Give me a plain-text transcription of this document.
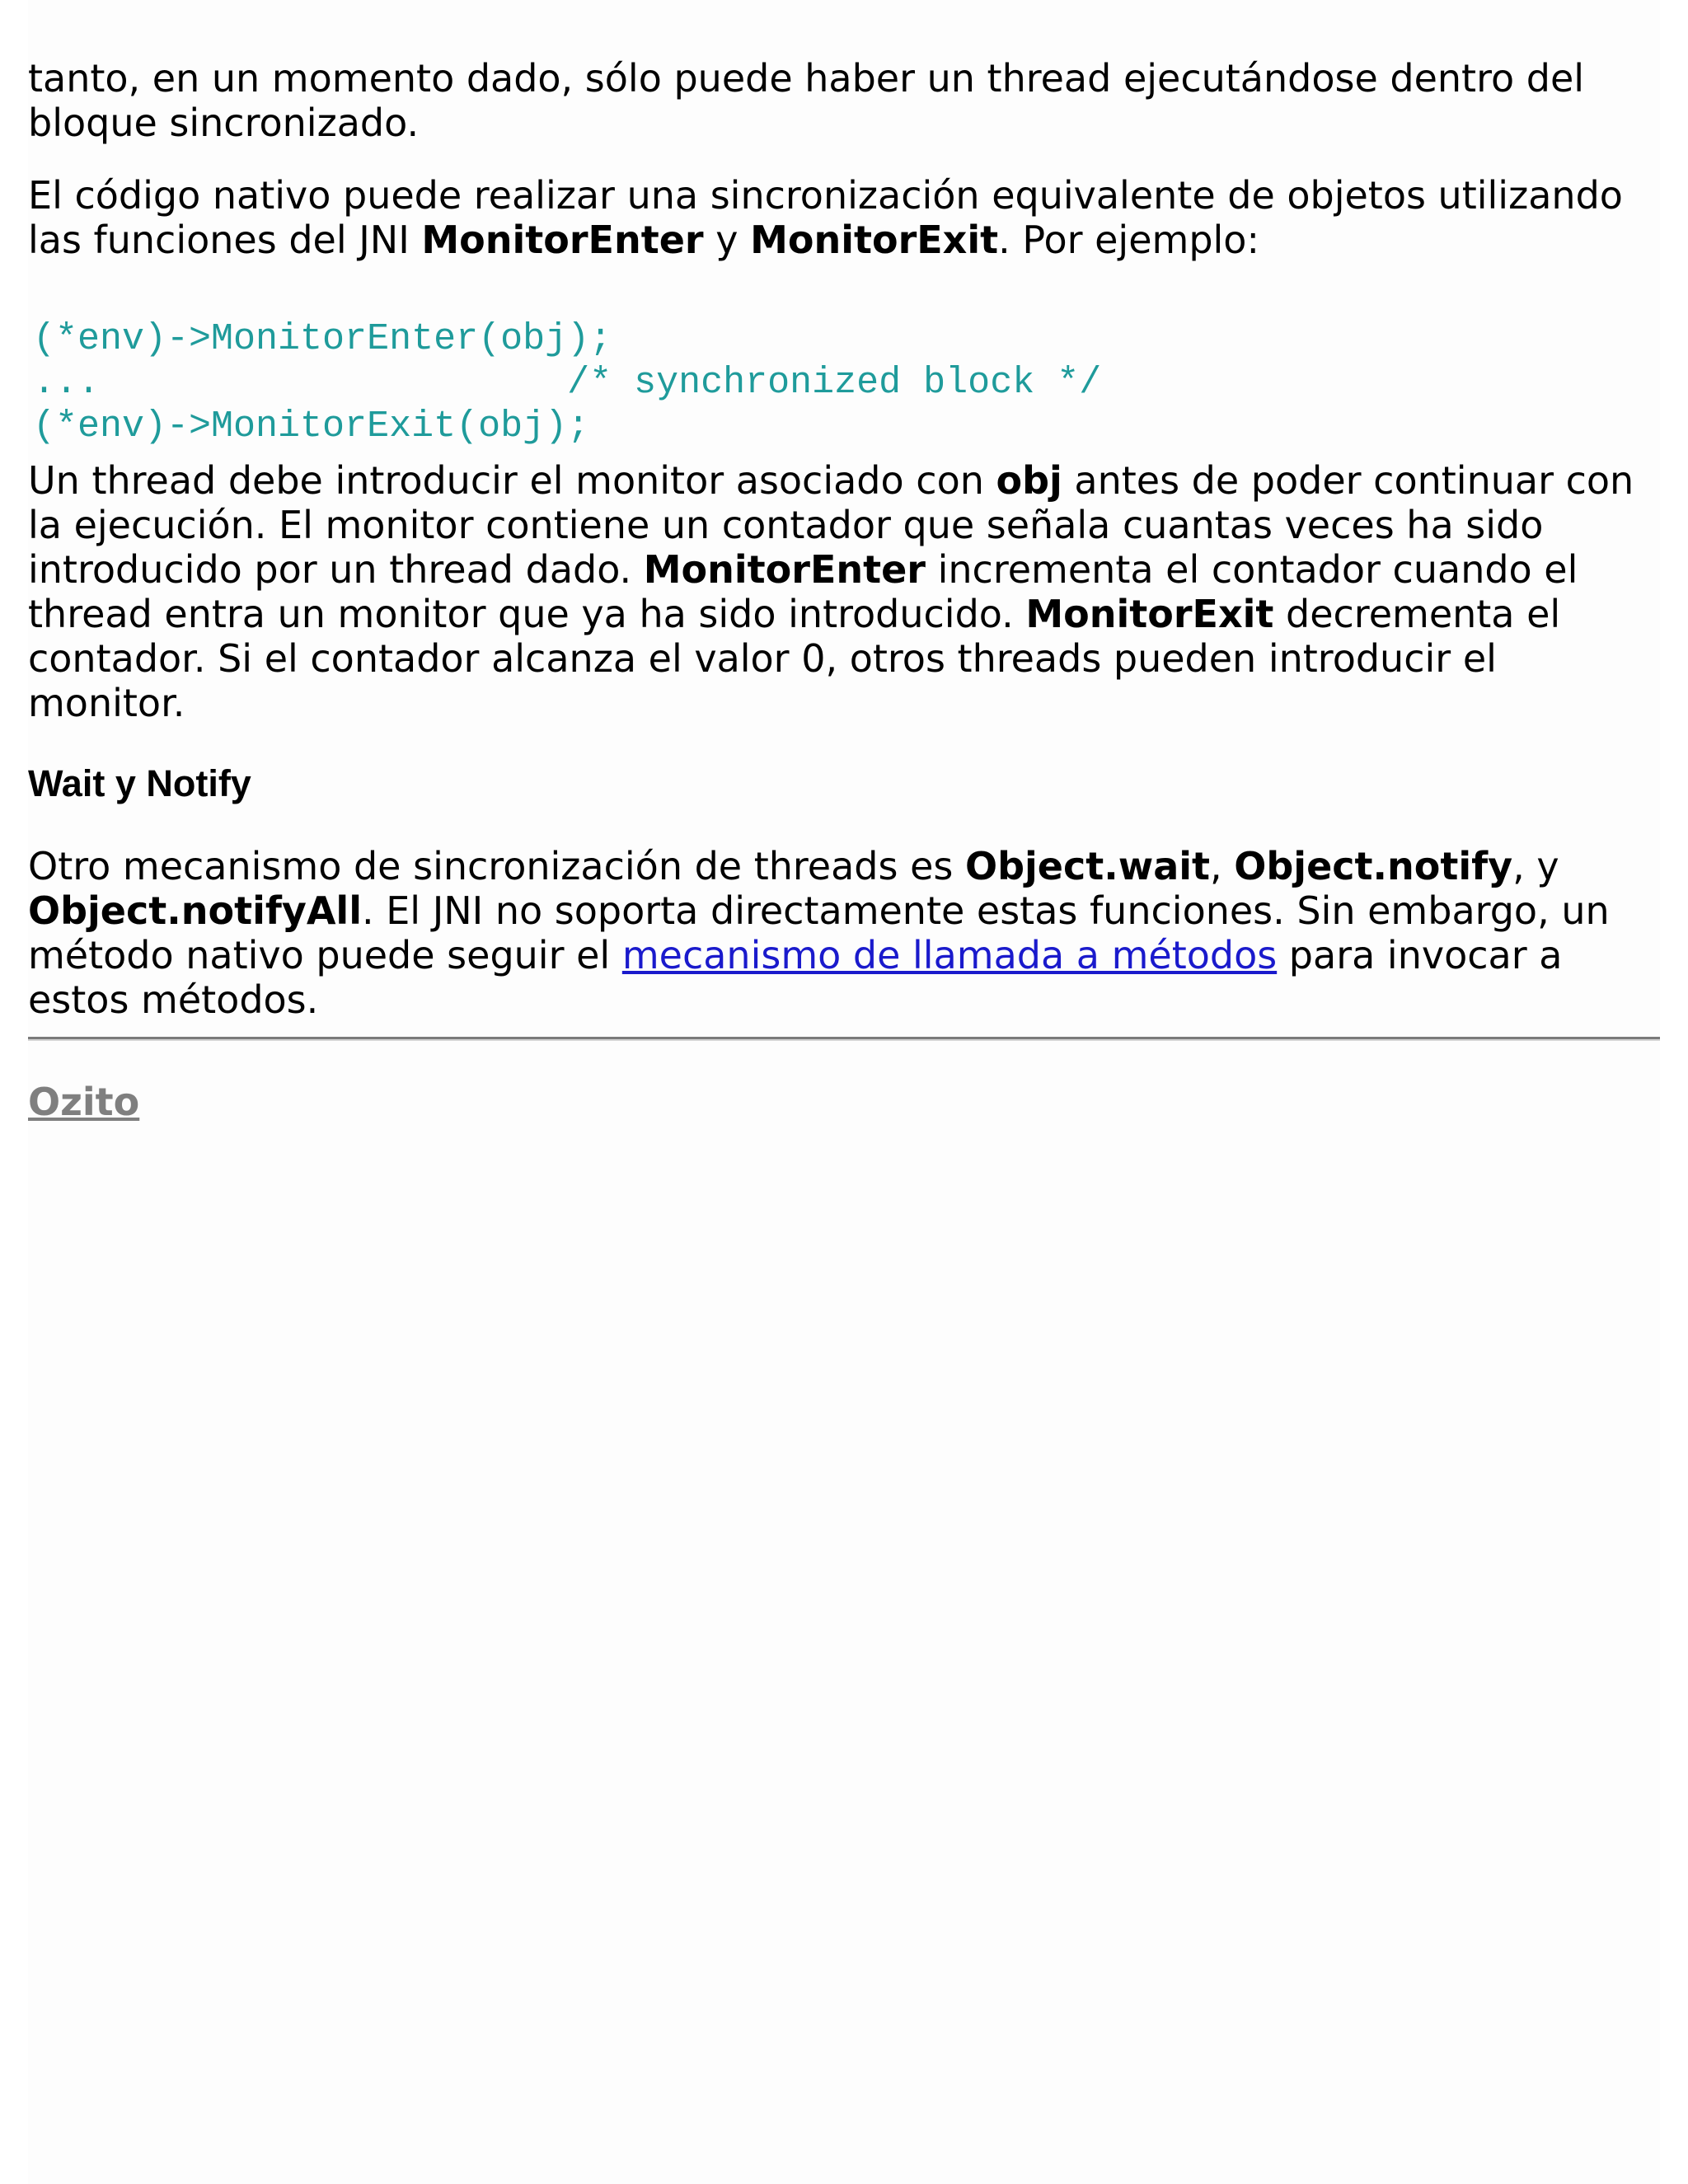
tanto, en un momento dado, sólo puede haber un thread ejecutándose dentro del bloque sincronizado.

El código nativo puede realizar una sincronización equivalente de objetos utilizando las funciones del JNI MonitorEnter y MonitorExit. Por ejemplo:

(*env)->MonitorEnter(obj);
...                     /* synchronized block */
(*env)->MonitorExit(obj);

Un thread debe introducir el monitor asociado con obj antes de poder continuar con la ejecución. El monitor contiene un contador que señala cuantas veces ha sido introducido por un thread dado. MonitorEnter incrementa el contador cuando el thread entra un monitor que ya ha sido introducido. MonitorExit decrementa el contador. Si el contador alcanza el valor 0, otros threads pueden introducir el monitor.

Wait y Notify

Otro mecanismo de sincronización de threads es Object.wait, Object.notify, y Object.notifyAll. El JNI no soporta directamente estas funciones. Sin embargo, un método nativo puede seguir el mecanismo de llamada a métodos para invocar a estos métodos.

Ozito
